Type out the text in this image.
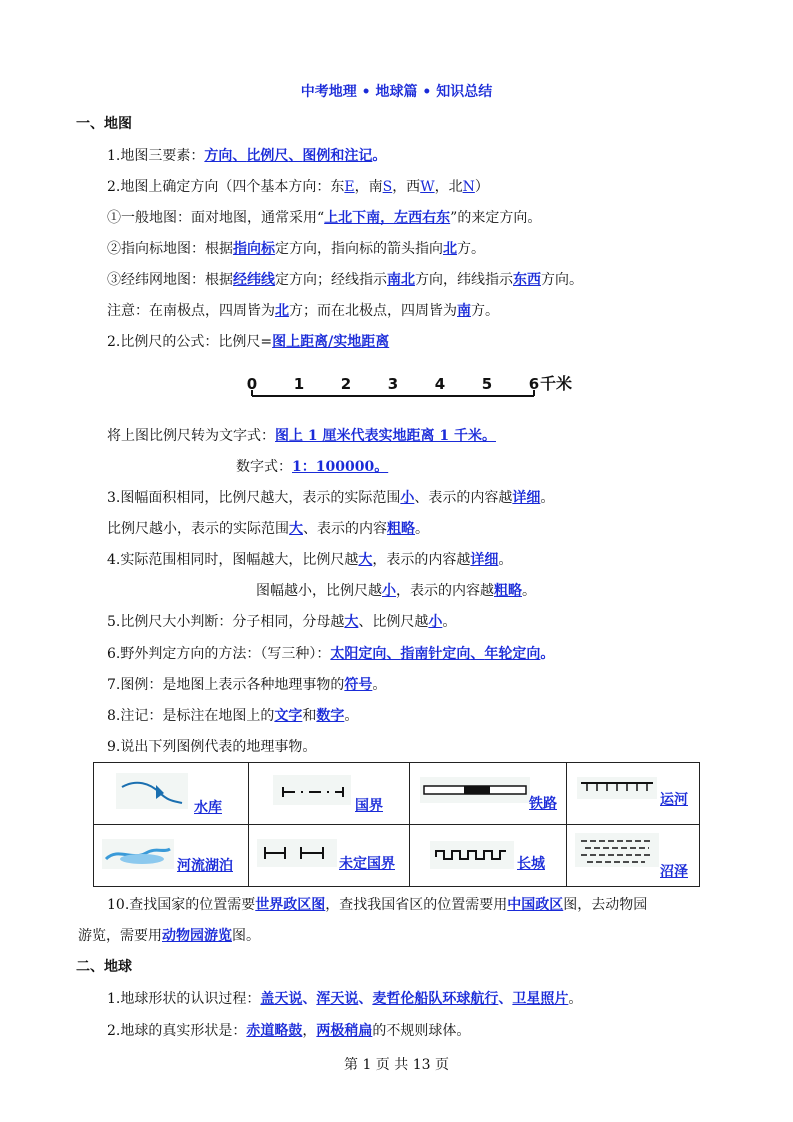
中考地理 • 地球篇 • 知识总结
一、地图
1.地图三要素：方向、比例尺、图例和注记。
2.地图上确定方向（四个基本方向：东E，南S，西W，北N）
①一般地图：面对地图，通常采用“上北下南，左西右东”的来定方向。
②指向标地图：根据指向标定方向，指向标的箭头指向北方。
③经纬网地图：根据经纬线定方向；经线指示南北方向，纬线指示东西方向。
注意：在南极点，四周皆为北方；而在北极点，四周皆为南方。
2.比例尺的公式：比例尺=图上距离/实地距离
0 1 2 3 4 5 6 千米
将上图比例尺转为文字式：图上 1 厘米代表实地距离 1 千米。
数字式：1：100000。
3.图幅面积相同，比例尺越大，表示的实际范围小、表示的内容越详细。
比例尺越小，表示的实际范围大、表示的内容粗略。
4.实际范围相同时，图幅越大，比例尺越大，表示的内容越详细。
图幅越小，比例尺越小，表示的内容越粗略。
5.比例尺大小判断：分子相同，分母越大、比例尺越小。
6.野外判定方向的方法：（写三种）：太阳定向、指南针定向、年轮定向。
7.图例：是地图上表示各种地理事物的符号。
8.注记：是标注在地图上的文字和数字。
9.说出下列图例代表的地理事物。
水库	国界	铁路	运河

河流湖泊	未定国界	长城	沼泽
10.查找国家的位置需要世界政区图，查找我国省区的位置需要用中国政区图，去动物园
游览，需要用动物园游览图。
二、地球
1.地球形状的认识过程：盖天说、浑天说、麦哲伦船队环球航行、卫星照片。
2.地球的真实形状是：赤道略鼓，两极稍扁的不规则球体。
第 1 页 共 13 页
